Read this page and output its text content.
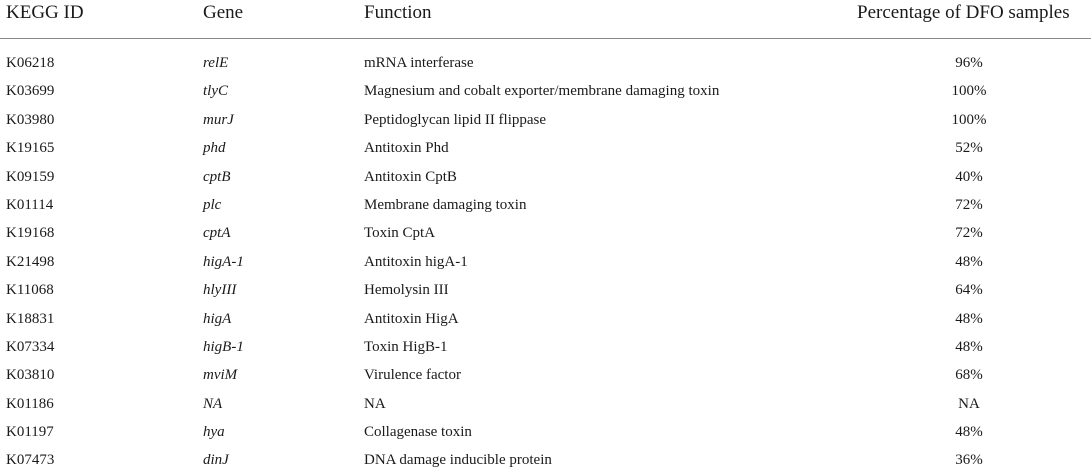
KEGG ID	Gene	Function	Percentage of DFO samples
K06218	relE	mRNA interferase	96%
K03699	tlyC	Magnesium and cobalt exporter/membrane damaging toxin	100%
K03980	murJ	Peptidoglycan lipid II flippase	100%
K19165	phd	Antitoxin Phd	52%
K09159	cptB	Antitoxin CptB	40%
K01114	plc	Membrane damaging toxin	72%
K19168	cptA	Toxin CptA	72%
K21498	higA-1	Antitoxin higA-1	48%
K11068	hlyIII	Hemolysin III	64%
K18831	higA	Antitoxin HigA	48%
K07334	higB-1	Toxin HigB-1	48%
K03810	mviM	Virulence factor	68%
K01186	NA	NA	NA
K01197	hya	Collagenase toxin	48%
K07473	dinJ	DNA damage inducible protein	36%
